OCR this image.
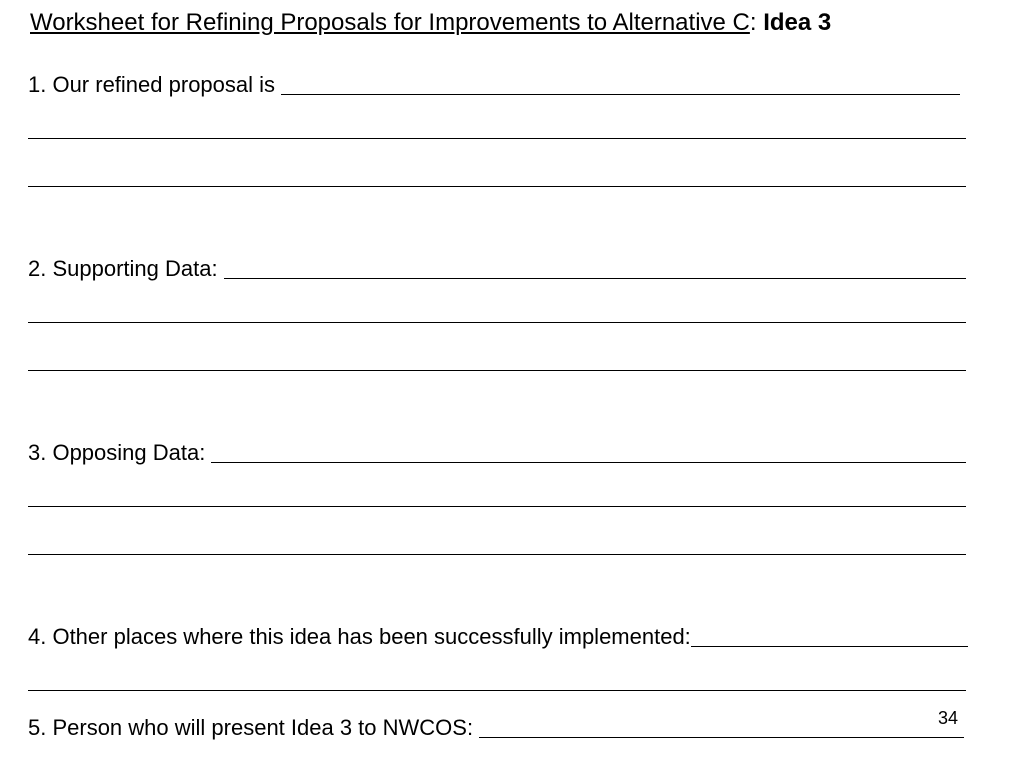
Worksheet for Refining Proposals for Improvements to Alternative C: Idea 3
1. Our refined proposal is
2. Supporting Data:
3. Opposing Data:
4. Other places where this idea has been successfully implemented:
5. Person who will present Idea 3 to NWCOS:	34
